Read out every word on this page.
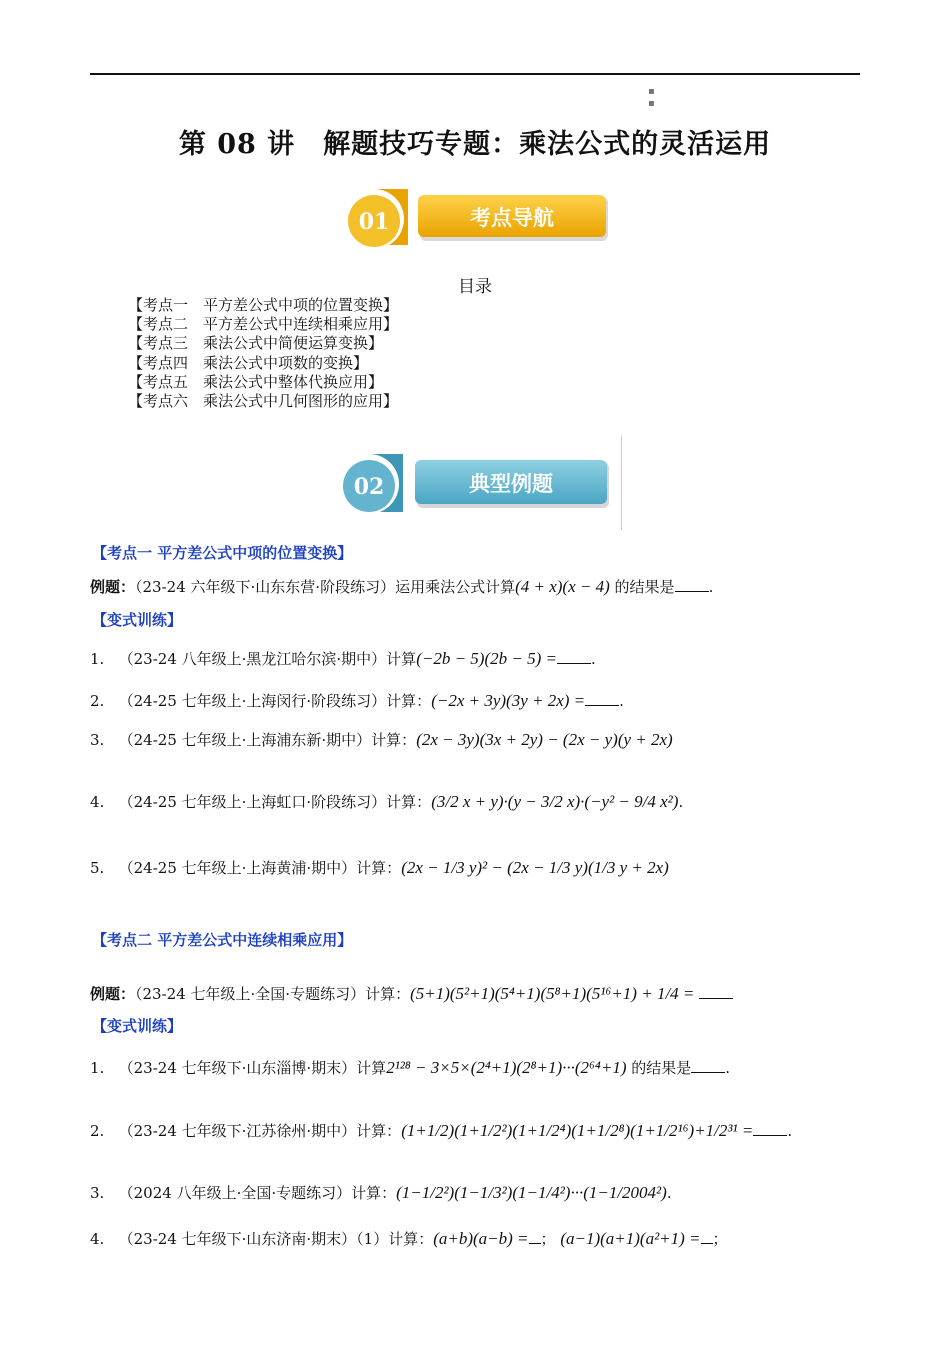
▪
▪
第 08 讲　解题技巧专题：乘法公式的灵活运用
01	考点导航
目录
【考点一　平方差公式中项的位置变换】
【考点二　平方差公式中连续相乘应用】
【考点三　乘法公式中简便运算变换】
【考点四　乘法公式中项数的变换】
【考点五　乘法公式中整体代换应用】
【考点六　乘法公式中几何图形的应用】
02	典型例题
【考点一 平方差公式中项的位置变换】
例题：（23-24 六年级下·山东东营·阶段练习）运用乘法公式计算(4 + x)(x − 4) 的结果是 .
【变式训练】
1. （23-24 八年级上·黑龙江哈尔滨·期中）计算(−2b − 5)(2b − 5) = .
2. （24-25 七年级上·上海闵行·阶段练习）计算：(−2x + 3y)(3y + 2x) = .
3. （24-25 七年级上·上海浦东新·期中）计算：(2x − 3y)(3x + 2y) − (2x − y)(y + 2x)
4. （24-25 七年级上·上海虹口·阶段练习）计算：(3/2 x + y)·(y − 3/2 x)·(−y² − 9/4 x²).
5. （24-25 七年级上·上海黄浦·期中）计算：(2x − 1/3 y)² − (2x − 1/3 y)(1/3 y + 2x)
【考点二 平方差公式中连续相乘应用】
例题：（23-24 七年级上·全国·专题练习）计算：(5+1)(5²+1)(5⁴+1)(5⁸+1)(5¹⁶+1) + 1/4 =
【变式训练】
1. （23-24 七年级下·山东淄博·期末）计算2¹²⁸ − 3×5×(2⁴+1)(2⁸+1)···(2⁶⁴+1) 的结果是 .
2. （23-24 七年级下·江苏徐州·期中）计算：(1+1/2)(1+1/2²)(1+1/2⁴)(1+1/2⁸)(1+1/2¹⁶)+1/2³¹ = .
3. （2024 八年级上·全国·专题练习）计算：(1−1/2²)(1−1/3²)(1−1/4²)···(1−1/2004²).
4. （23-24 七年级下·山东济南·期末）（1）计算：(a+b)(a−b) = ； (a−1)(a+1)(a²+1) = ；
